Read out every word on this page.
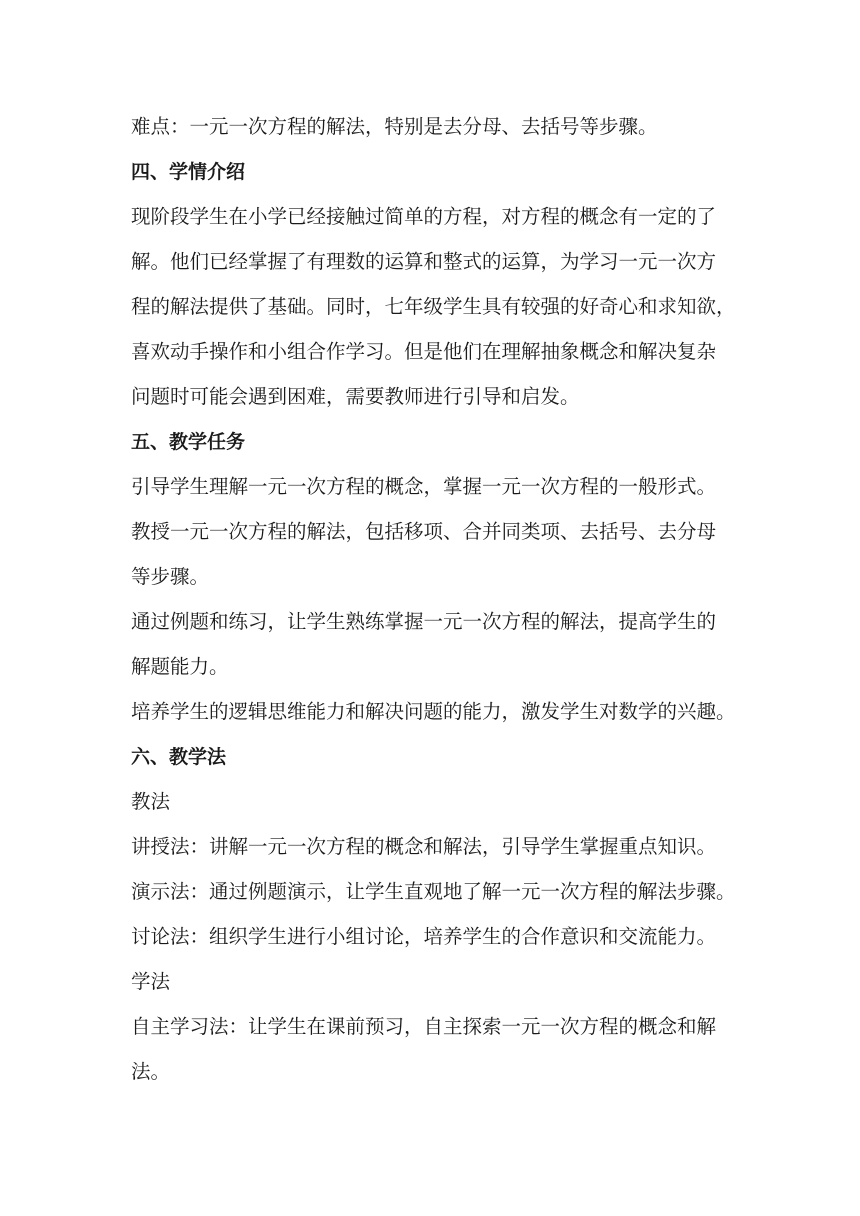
难点：一元一次方程的解法，特别是去分母、去括号等步骤。
四、学情介绍
现阶段学生在小学已经接触过简单的方程，对方程的概念有一定的了
解。他们已经掌握了有理数的运算和整式的运算，为学习一元一次方
程的解法提供了基础。同时，七年级学生具有较强的好奇心和求知欲，
喜欢动手操作和小组合作学习。但是他们在理解抽象概念和解决复杂
问题时可能会遇到困难，需要教师进行引导和启发。
五、教学任务
引导学生理解一元一次方程的概念，掌握一元一次方程的一般形式。
教授一元一次方程的解法，包括移项、合并同类项、去括号、去分母
等步骤。
通过例题和练习，让学生熟练掌握一元一次方程的解法，提高学生的
解题能力。
培养学生的逻辑思维能力和解决问题的能力，激发学生对数学的兴趣。
六、教学法
教法
讲授法：讲解一元一次方程的概念和解法，引导学生掌握重点知识。
演示法：通过例题演示，让学生直观地了解一元一次方程的解法步骤。
讨论法：组织学生进行小组讨论，培养学生的合作意识和交流能力。
学法
自主学习法：让学生在课前预习，自主探索一元一次方程的概念和解
法。
